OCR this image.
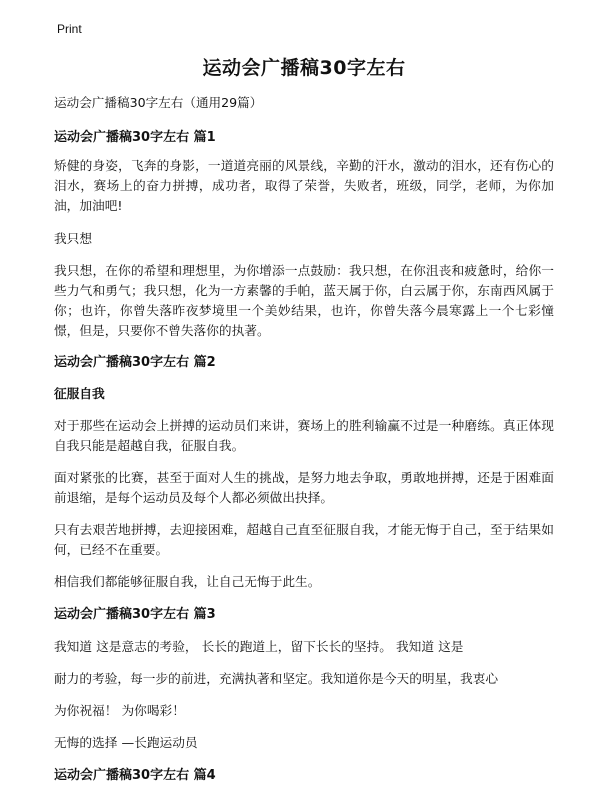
Print
运动会广播稿30字左右

运动会广播稿30字左右（通用29篇）

运动会广播稿30字左右 篇1

矫健的身姿，飞奔的身影，一道道亮丽的风景线，辛勤的汗水，激动的泪水，还有伤心的泪水，赛场上的奋力拼搏，成功者，取得了荣誉，失败者，班级，同学，老师，为你加油，加油吧!

我只想

我只想，在你的希望和理想里，为你增添一点鼓励：我只想，在你沮丧和疲惫时，给你一些力气和勇气；我只想，化为一方素馨的手帕，蓝天属于你，白云属于你，东南西风属于你；也许，你曾失落昨夜梦境里一个美妙结果，也许，你曾失落今晨寒露上一个七彩憧憬，但是，只要你不曾失落你的执著。

运动会广播稿30字左右 篇2

征服自我

对于那些在运动会上拼搏的运动员们来讲，赛场上的胜利输赢不过是一种磨练。真正体现自我只能是超越自我，征服自我。

面对紧张的比赛，甚至于面对人生的挑战，是努力地去争取，勇敢地拼搏，还是于困难面前退缩，是每个运动员及每个人都必须做出抉择。

只有去艰苦地拼搏，去迎接困难，超越自己直至征服自我，才能无悔于自己，至于结果如何，已经不在重要。

相信我们都能够征服自我，让自己无悔于此生。

运动会广播稿30字左右 篇3

我知道 这是意志的考验， 长长的跑道上，留下长长的坚持。 我知道 这是

耐力的考验，每一步的前进，充满执著和坚定。我知道你是今天的明星，我衷心

为你祝福！ 为你喝彩！

无悔的选择 —长跑运动员

运动会广播稿30字左右 篇4
